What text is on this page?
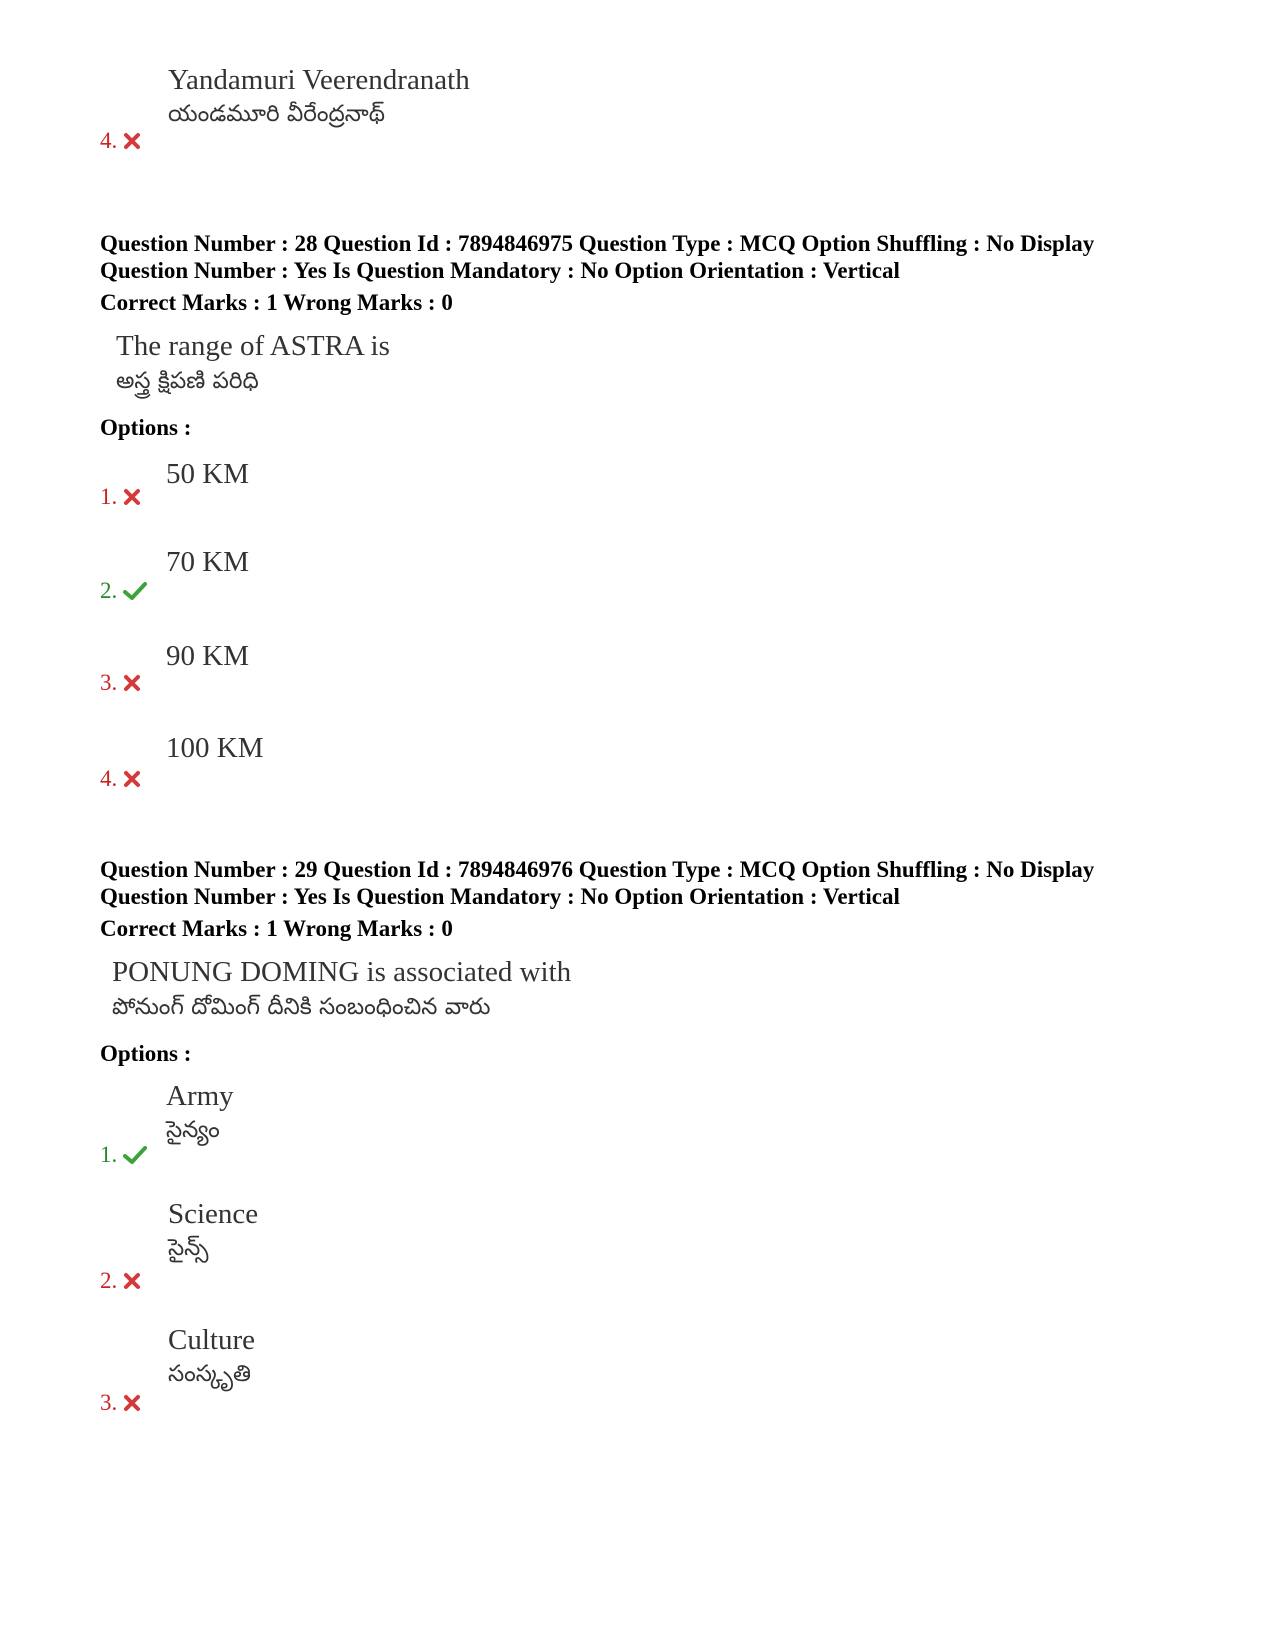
Yandamuri Veerendranath
యండమూరి వీరేంద్రనాథ్
4.
Question Number : 28 Question Id : 7894846975 Question Type : MCQ Option Shuffling : No Display
Question Number : Yes Is Question Mandatory : No Option Orientation : Vertical
Correct Marks : 1 Wrong Marks : 0
The range of ASTRA is
అస్త్ర క్షిపణి పరిధి
Options :
50 KM
1.
70 KM
2.
90 KM
3.
100 KM
4.
Question Number : 29 Question Id : 7894846976 Question Type : MCQ Option Shuffling : No Display
Question Number : Yes Is Question Mandatory : No Option Orientation : Vertical
Correct Marks : 1 Wrong Marks : 0
PONUNG DOMING is associated with
పోనుంగ్ దోమింగ్ దీనికి సంబంధించిన వారు
Options :
Army
సైన్యం
1.
Science
సైన్స్
2.
Culture
సంస్కృతి
3.
